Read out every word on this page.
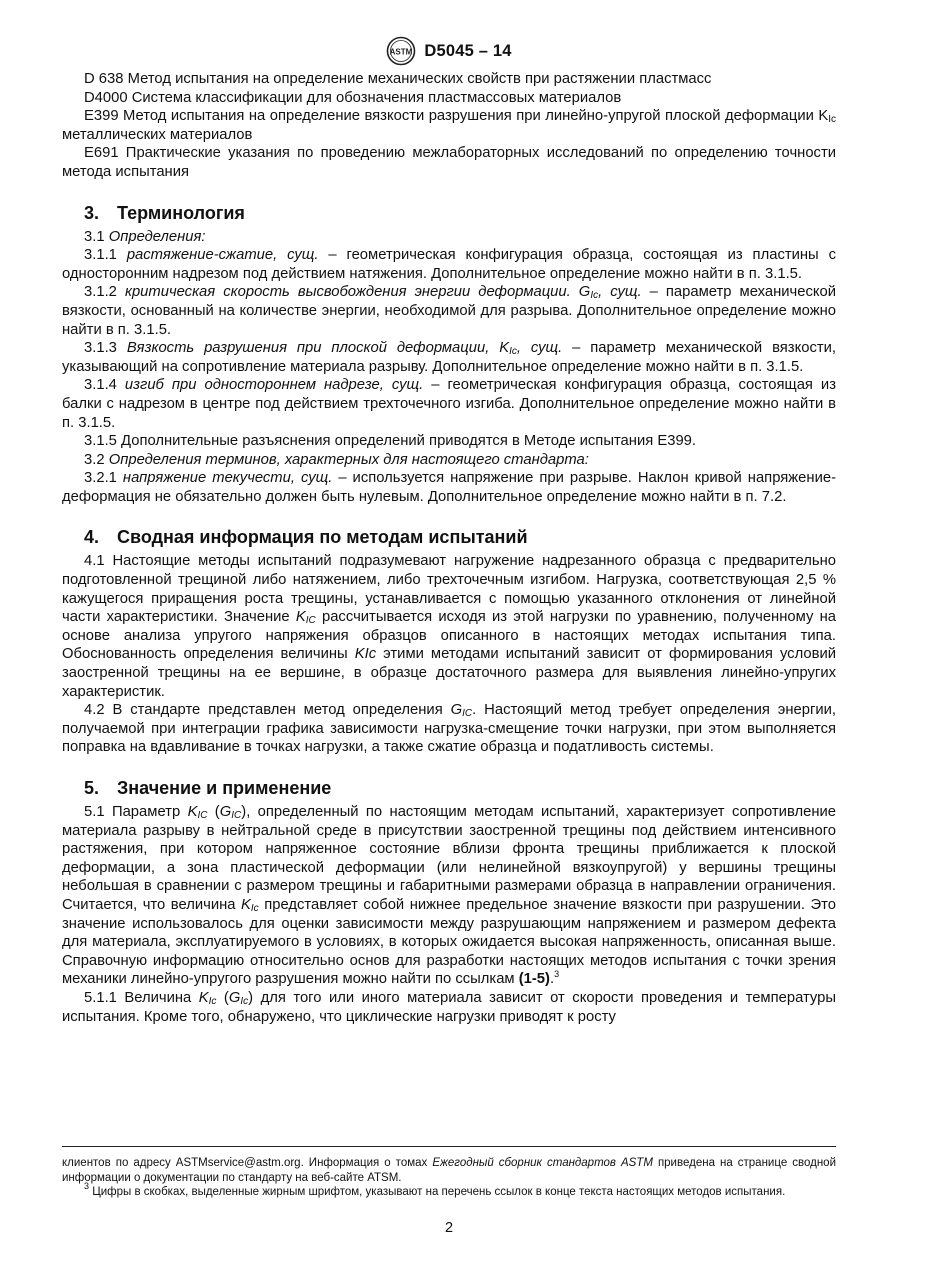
ASTM D5045 – 14

D 638 Метод испытания на определение механических свойств при растяжении пластмасс

D4000 Система классификации для обозначения пластмассовых материалов

E399 Метод испытания на определение вязкости разрушения при линейно-упругой плоской деформации $K_{Ic}$ металлических материалов

E691 Практические указания по проведению межлабораторных исследований по определению точности метода испытания

3. Терминология

3.1 Определения:

3.1.1 растяжение-сжатие, сущ. – геометрическая конфигурация образца, состоящая из пластины с односторонним надрезом под действием натяжения. Дополнительное определение можно найти в п. 3.1.5.

3.1.2 критическая скорость высвобождения энергии деформации. $G_{Ic}$, сущ. – параметр механической вязкости, основанный на количестве энергии, необходимой для разрыва. Дополнительное определение можно найти в п. 3.1.5.

3.1.3 Вязкость разрушения при плоской деформации, $K_{Ic}$, сущ. – параметр механической вязкости, указывающий на сопротивление материала разрыву. Дополнительное определение можно найти в п. 3.1.5.

3.1.4 изгиб при одностороннем надрезе, сущ. – геометрическая конфигурация образца, состоящая из балки с надрезом в центре под действием трехточечного изгиба. Дополнительное определение можно найти в п. 3.1.5.

3.1.5 Дополнительные разъяснения определений приводятся в Методе испытания E399.

3.2 Определения терминов, характерных для настоящего стандарта:

3.2.1 напряжение текучести, сущ. – используется напряжение при разрыве. Наклон кривой напряжение-деформация не обязательно должен быть нулевым. Дополнительное определение можно найти в п. 7.2.

4. Сводная информация по методам испытаний

4.1 Настоящие методы испытаний подразумевают нагружение надрезанного образца с предварительно подготовленной трещиной либо натяжением, либо трехточечным изгибом. Нагрузка, соответствующая 2,5 % кажущегося приращения роста трещины, устанавливается с помощью указанного отклонения от линейной части характеристики. Значение $K_{IC}$ рассчитывается исходя из этой нагрузки по уравнению, полученному на основе анализа упругого напряжения образцов описанного в настоящих методах испытания типа. Обоснованность определения величины KIc этими методами испытаний зависит от формирования условий заостренной трещины на ее вершине, в образце достаточного размера для выявления линейно-упругих характеристик.

4.2 В стандарте представлен метод определения $G_{IC}$. Настоящий метод требует определения энергии, получаемой при интеграции графика зависимости нагрузка-смещение точки нагрузки, при этом выполняется поправка на вдавливание в точках нагрузки, а также сжатие образца и податливость системы.

5. Значение и применение

5.1 Параметр $K_{IC}$ $(G_{IC})$, определенный по настоящим методам испытаний, характеризует сопротивление материала разрыву в нейтральной среде в присутствии заостренной трещины под действием интенсивного растяжения, при котором напряженное состояние вблизи фронта трещины приближается к плоской деформации, а зона пластической деформации (или нелинейной вязкоупругой) у вершины трещины небольшая в сравнении с размером трещины и габаритными размерами образца в направлении ограничения. Считается, что величина $K_{Ic}$ представляет собой нижнее предельное значение вязкости при разрушении. Это значение использовалось для оценки зависимости между разрушающим напряжением и размером дефекта для материала, эксплуатируемого в условиях, в которых ожидается высокая напряженность, описанная выше. Справочную информацию относительно основ для разработки настоящих методов испытания с точки зрения механики линейно-упругого разрушения можно найти по ссылкам (1-5).$^3$

5.1.1 Величина $K_{Ic}$ $(G_{Ic})$ для того или иного материала зависит от скорости проведения и температуры испытания. Кроме того, обнаружено, что циклические нагрузки приводят к росту

клиентов по адресу ASTMservice@astm.org. Информация о томах Ежегодный сборник стандартов ASTM приведена на странице сводной информации о документации по стандарту на веб-сайте ATSM.

$^3$ Цифры в скобках, выделенные жирным шрифтом, указывают на перечень ссылок в конце текста настоящих методов испытания.

2
